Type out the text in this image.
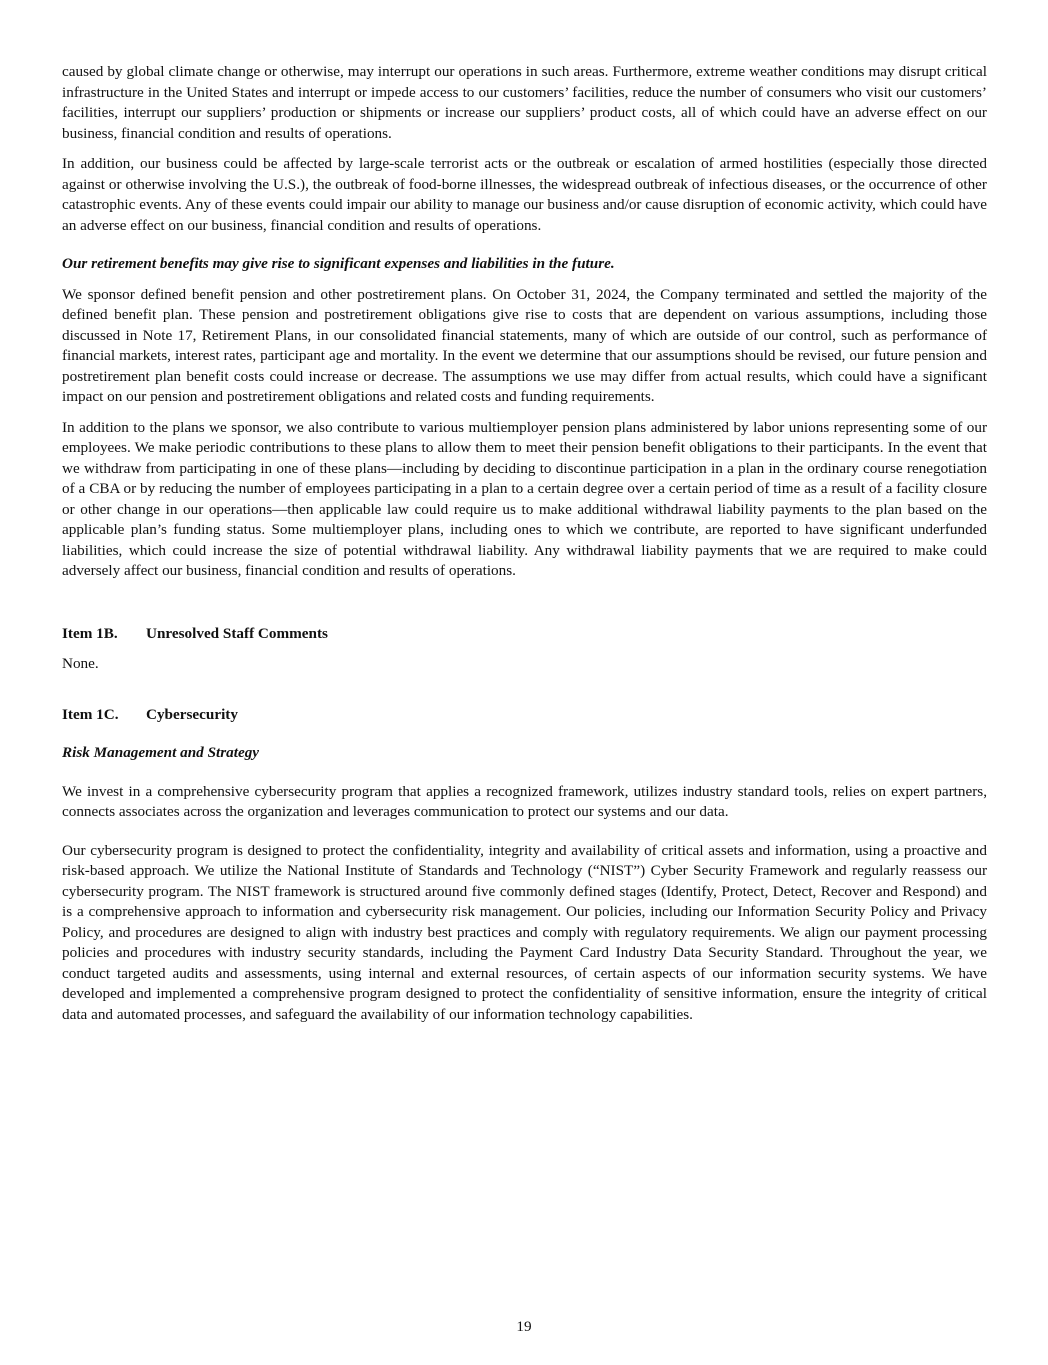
caused by global climate change or otherwise, may interrupt our operations in such areas. Furthermore, extreme weather conditions may disrupt critical infrastructure in the United States and interrupt or impede access to our customers’ facilities, reduce the number of consumers who visit our customers’ facilities, interrupt our suppliers’ production or shipments or increase our suppliers’ product costs, all of which could have an adverse effect on our business, financial condition and results of operations.

In addition, our business could be affected by large-scale terrorist acts or the outbreak or escalation of armed hostilities (especially those directed against or otherwise involving the U.S.), the outbreak of food-borne illnesses, the widespread outbreak of infectious diseases, or the occurrence of other catastrophic events. Any of these events could impair our ability to manage our business and/or cause disruption of economic activity, which could have an adverse effect on our business, financial condition and results of operations.

Our retirement benefits may give rise to significant expenses and liabilities in the future.

We sponsor defined benefit pension and other postretirement plans. On October 31, 2024, the Company terminated and settled the majority of the defined benefit plan. These pension and postretirement obligations give rise to costs that are dependent on various assumptions, including those discussed in Note 17, Retirement Plans, in our consolidated financial statements, many of which are outside of our control, such as performance of financial markets, interest rates, participant age and mortality. In the event we determine that our assumptions should be revised, our future pension and postretirement plan benefit costs could increase or decrease. The assumptions we use may differ from actual results, which could have a significant impact on our pension and postretirement obligations and related costs and funding requirements.

In addition to the plans we sponsor, we also contribute to various multiemployer pension plans administered by labor unions representing some of our employees. We make periodic contributions to these plans to allow them to meet their pension benefit obligations to their participants. In the event that we withdraw from participating in one of these plans—including by deciding to discontinue participation in a plan in the ordinary course renegotiation of a CBA or by reducing the number of employees participating in a plan to a certain degree over a certain period of time as a result of a facility closure or other change in our operations—then applicable law could require us to make additional withdrawal liability payments to the plan based on the applicable plan’s funding status. Some multiemployer plans, including ones to which we contribute, are reported to have significant underfunded liabilities, which could increase the size of potential withdrawal liability. Any withdrawal liability payments that we are required to make could adversely affect our business, financial condition and results of operations.

Item 1B. Unresolved Staff Comments

None.

Item 1C. Cybersecurity
Risk Management and Strategy

We invest in a comprehensive cybersecurity program that applies a recognized framework, utilizes industry standard tools, relies on expert partners, connects associates across the organization and leverages communication to protect our systems and our data.

Our cybersecurity program is designed to protect the confidentiality, integrity and availability of critical assets and information, using a proactive and risk-based approach. We utilize the National Institute of Standards and Technology (“NIST”) Cyber Security Framework and regularly reassess our cybersecurity program. The NIST framework is structured around five commonly defined stages (Identify, Protect, Detect, Recover and Respond) and is a comprehensive approach to information and cybersecurity risk management. Our policies, including our Information Security Policy and Privacy Policy, and procedures are designed to align with industry best practices and comply with regulatory requirements. We align our payment processing policies and procedures with industry security standards, including the Payment Card Industry Data Security Standard. Throughout the year, we conduct targeted audits and assessments, using internal and external resources, of certain aspects of our information security systems. We have developed and implemented a comprehensive program designed to protect the confidentiality of sensitive information, ensure the integrity of critical data and automated processes, and safeguard the availability of our information technology capabilities.

19
